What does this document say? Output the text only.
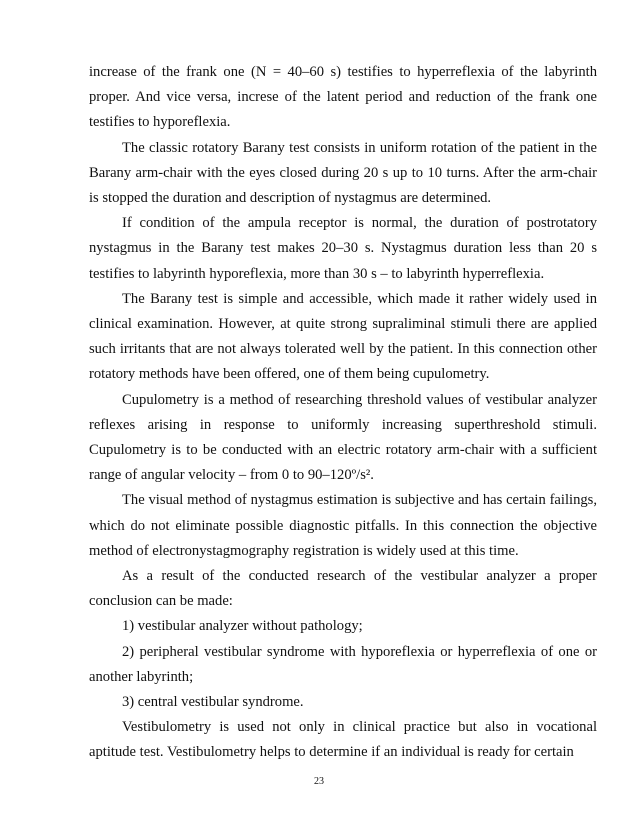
increase of the frank one (N = 40–60 s) testifies to hyperreflexia of the labyrinth proper. And vice versa, increse of the latent period and reduction of the frank one testifies to hyporeflexia.

The classic rotatory Barany test consists in uniform rotation of the patient in the Barany arm-chair with the eyes closed during 20 s up to 10 turns. After the arm-chair is stopped the duration and description of nystagmus are determined.

If condition of the ampula receptor is normal, the duration of postrotatory nystagmus in the Barany test makes 20–30 s. Nystagmus duration less than 20 s testifies to labyrinth hyporeflexia, more than 30 s – to labyrinth hyperreflexia.

The Barany test is simple and accessible, which made it rather widely used in clinical examination. However, at quite strong supraliminal stimuli there are applied such irritants that are not always tolerated well by the patient. In this connection other rotatory methods have been offered, one of them being cupulometry.

Cupulometry is a method of researching threshold values of vestibular analyzer reflexes arising in response to uniformly increasing superthreshold stimuli. Cupulometry is to be conducted with an electric rotatory arm-chair with a sufficient range of angular velocity – from 0 to 90–120º/s².

The visual method of nystagmus estimation is subjective and has certain failings, which do not eliminate possible diagnostic pitfalls. In this connection the objective method of electronystagmography registration is widely used at this time.

As a result of the conducted research of the vestibular analyzer a proper conclusion can be made:

1) vestibular analyzer without pathology;

2) peripheral vestibular syndrome with hyporeflexia or hyperreflexia of one or another labyrinth;

3) central vestibular syndrome.

Vestibulometry is used not only in clinical practice but also in vocational aptitude test. Vestibulometry helps to determine if an individual is ready for certain

23
